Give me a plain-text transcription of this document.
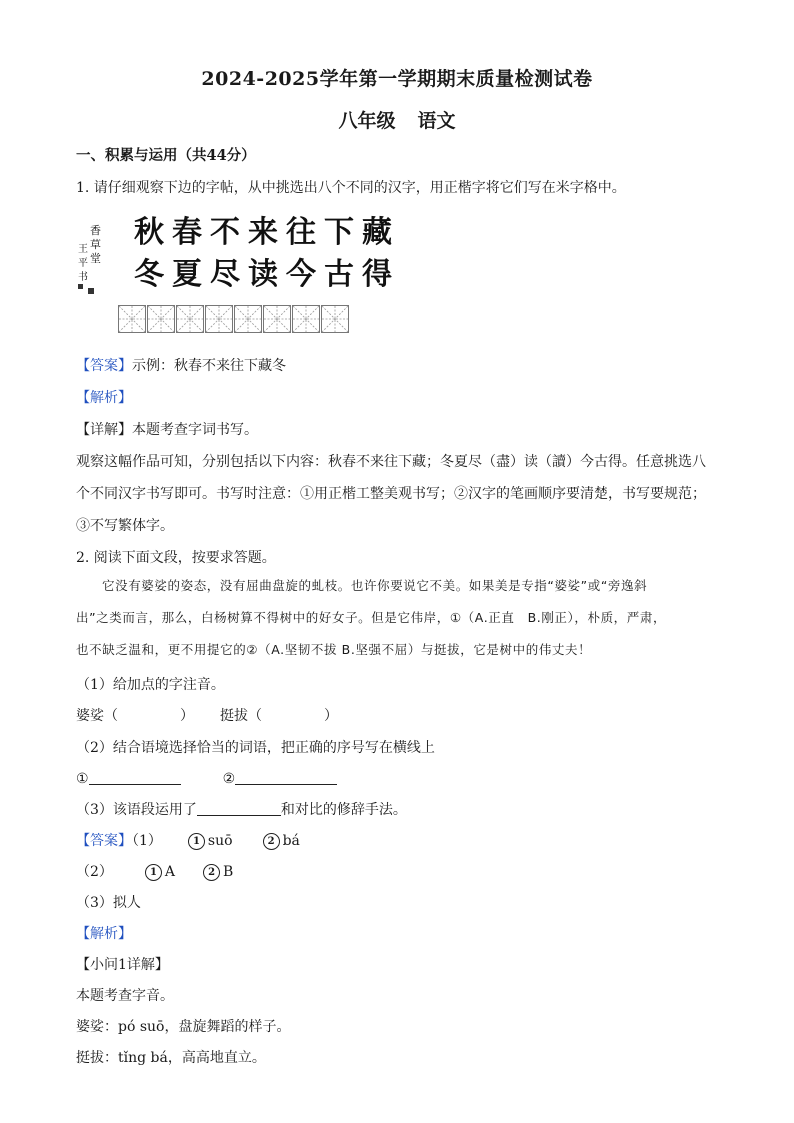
2024-2025学年第一学期期末质量检测试卷
八年级 语文
一、积累与运用（共44分）
1. 请仔细观察下边的字帖，从中挑选出八个不同的汉字，用正楷字将它们写在米字格中。
香
草
堂
王
平
书
秋 春 不 来 往 下 藏
冬 夏 尽 读 今 古 得
【答案】示例：秋春不来往下藏冬
【解析】
【详解】本题考查字词书写。
观察这幅作品可知，分别包括以下内容：秋春不来往下藏；冬夏尽（盡）读（讀）今古得。任意挑选八
个不同汉字书写即可。书写时注意：①用正楷工整美观书写；②汉字的笔画顺序要清楚，书写要规范；
③不写繁体字。
2. 阅读下面文段，按要求答题。
它没有婆娑的姿态，没有屈曲盘旋的虬枝。也许你要说它不美。如果美是专指“婆娑”或“旁逸斜
出”之类而言，那么，白杨树算不得树中的好女子。但是它伟岸，①（A.正直　B.刚正），朴质，严肃，
也不缺乏温和，更不用提它的②（A.坚韧不拔 B.坚强不屈）与挺拔，它是树中的伟丈夫！
（1）给加点的字注音。
婆娑（	） 挺拔（	）
（2）结合语境选择恰当的词语，把正确的序号写在横线上
①	②
（3）该语段运用了	和对比的修辞手法。
【答案】（1）	1 suō	2 bá
（2）	1 A	2 B
（3）拟人
【解析】
【小问1详解】
本题考查字音。
婆娑：pó suō，盘旋舞蹈的样子。
挺拔：tǐng bá，高高地直立。
